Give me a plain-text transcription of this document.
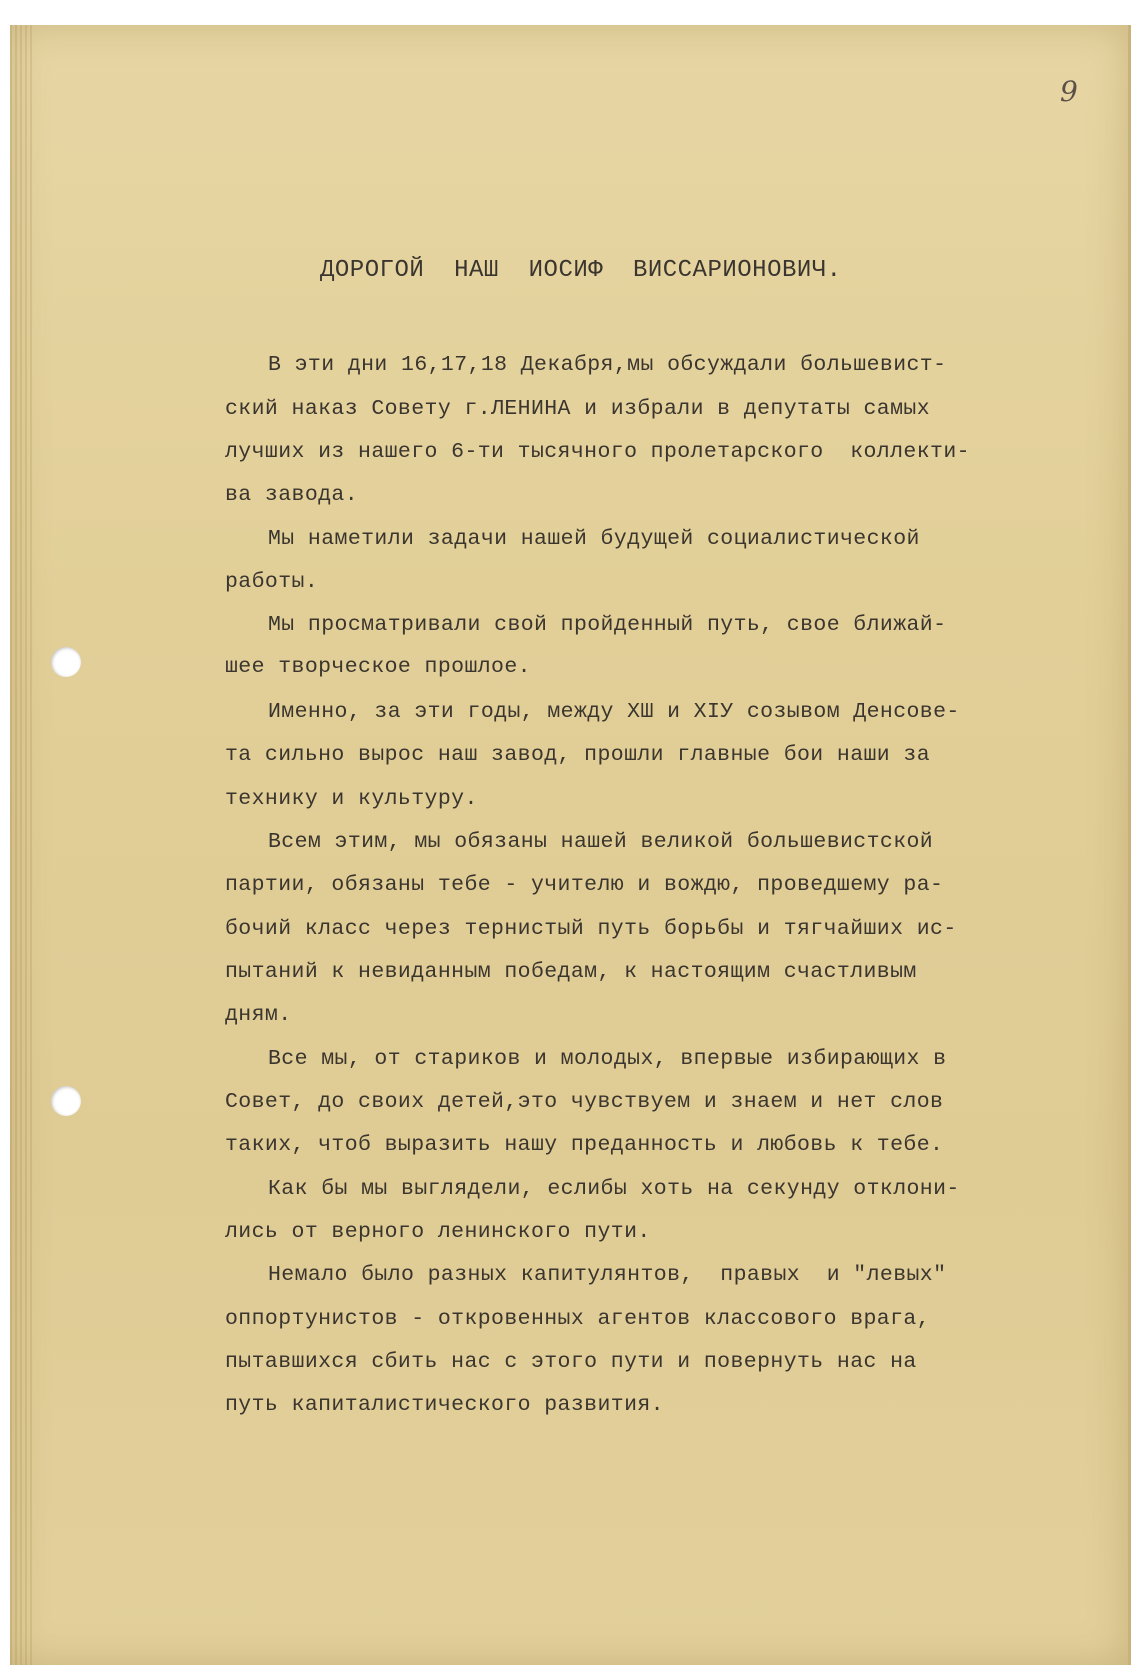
9
ДОРОГОЙ  НАШ  ИОСИФ  ВИССАРИОНОВИЧ.

В эти дни 16,17,18 Декабря,мы обсуждали большевист-

ский наказ Совету г.ЛЕНИНА и избрали в депутаты самых

лучших из нашего 6-ти тысячного пролетарского  коллекти-

ва завода.

Мы наметили задачи нашей будущей социалистической

работы.

Мы просматривали свой пройденный путь, свое ближай-

шее творческое прошлое.

Именно, за эти годы, между ХШ и ХIУ созывом Денсове-

та сильно вырос наш завод, прошли главные бои наши за

технику и культуру.

Всем этим, мы обязаны нашей великой большевистской

партии, обязаны тебе - учителю и вождю, проведшему ра-

бочий класс через тернистый путь борьбы и тягчайших ис-

пытаний к невиданным победам, к настоящим счастливым

дням.

Все мы, от стариков и молодых, впервые избирающих в

Совет, до своих детей,это чувствуем и знаем и нет слов

таких, чтоб выразить нашу преданность и любовь к тебе.

Как бы мы выглядели, еслибы хоть на секунду отклони-

лись от верного ленинского пути.

Немало было разных капитулянтов,  правых  и "левых"

оппортунистов - откровенных агентов классового врага,

пытавшихся сбить нас с этого пути и повернуть нас на

путь капиталистического развития.
